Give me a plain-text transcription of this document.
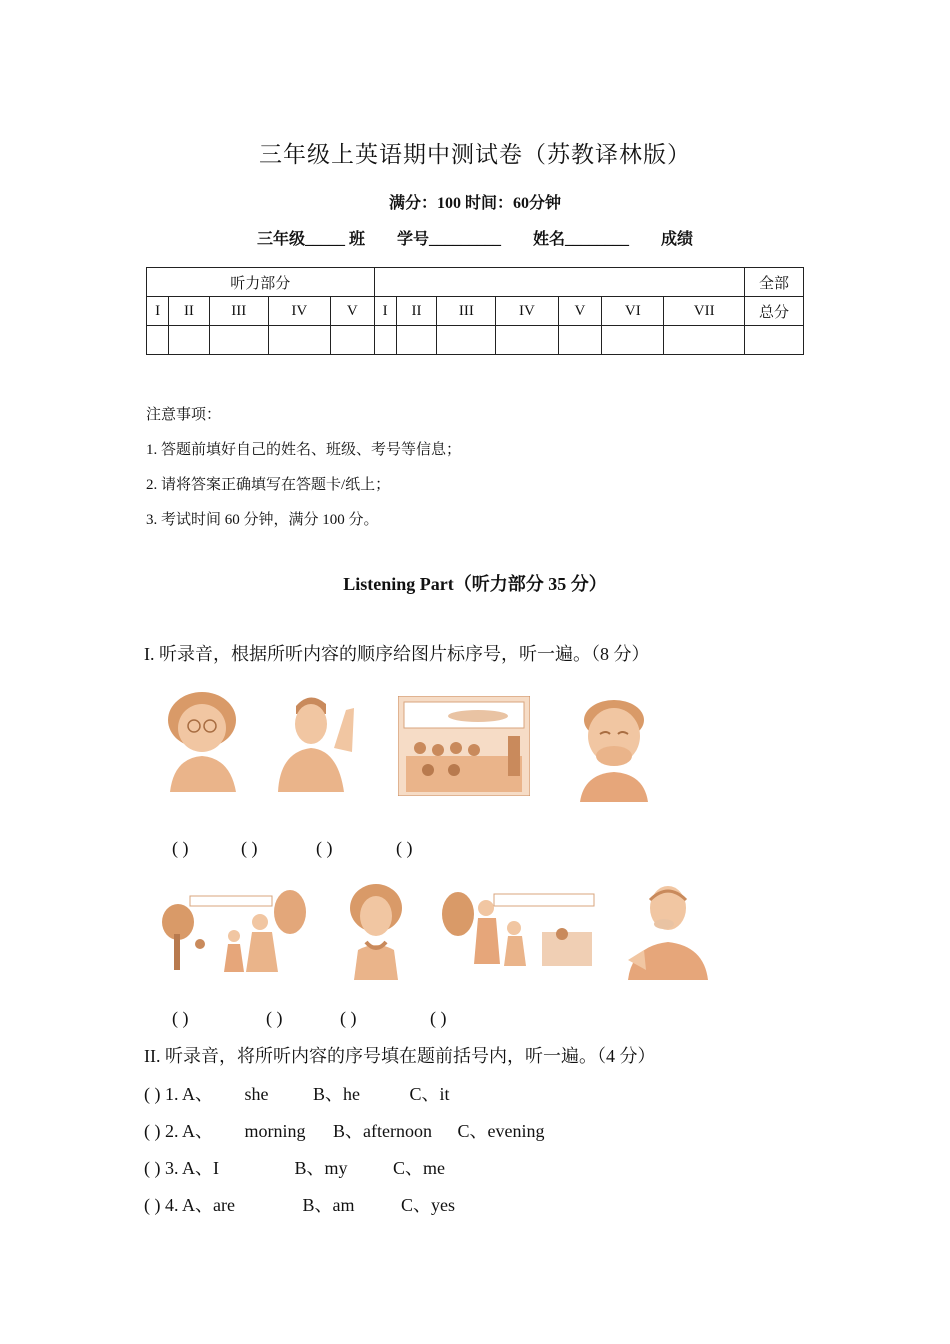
三年级上英语期中测试卷（苏教译林版）
满分：100 时间：60分钟
三年级_____ 班 学号_________ 姓名________ 成绩
听力部分												全部
I	II	III	IV	V	I	II	III	IV	V	VI	VII	总分

注意事项：
1. 答题前填好自己的姓名、班级、考号等信息；
2. 请将答案正确填写在答题卡/纸上；
3. 考试时间 60 分钟，满分 100 分。
Listening Part（听力部分 35 分）
I. 听录音，根据所听内容的顺序给图片标序号，听一遍。（8 分）
( )	( )	( )	( )
( )	( )	( )	( )
II. 听录音，将所听内容的序号填在题前括号内，听一遍。（4 分）
( ) 1. A、 she B、he	C、it
( ) 2. A、 morning B、afternoon C、evening
( ) 3. A、I	B、my	C、me
( ) 4. A、are	B、am	C、yes
